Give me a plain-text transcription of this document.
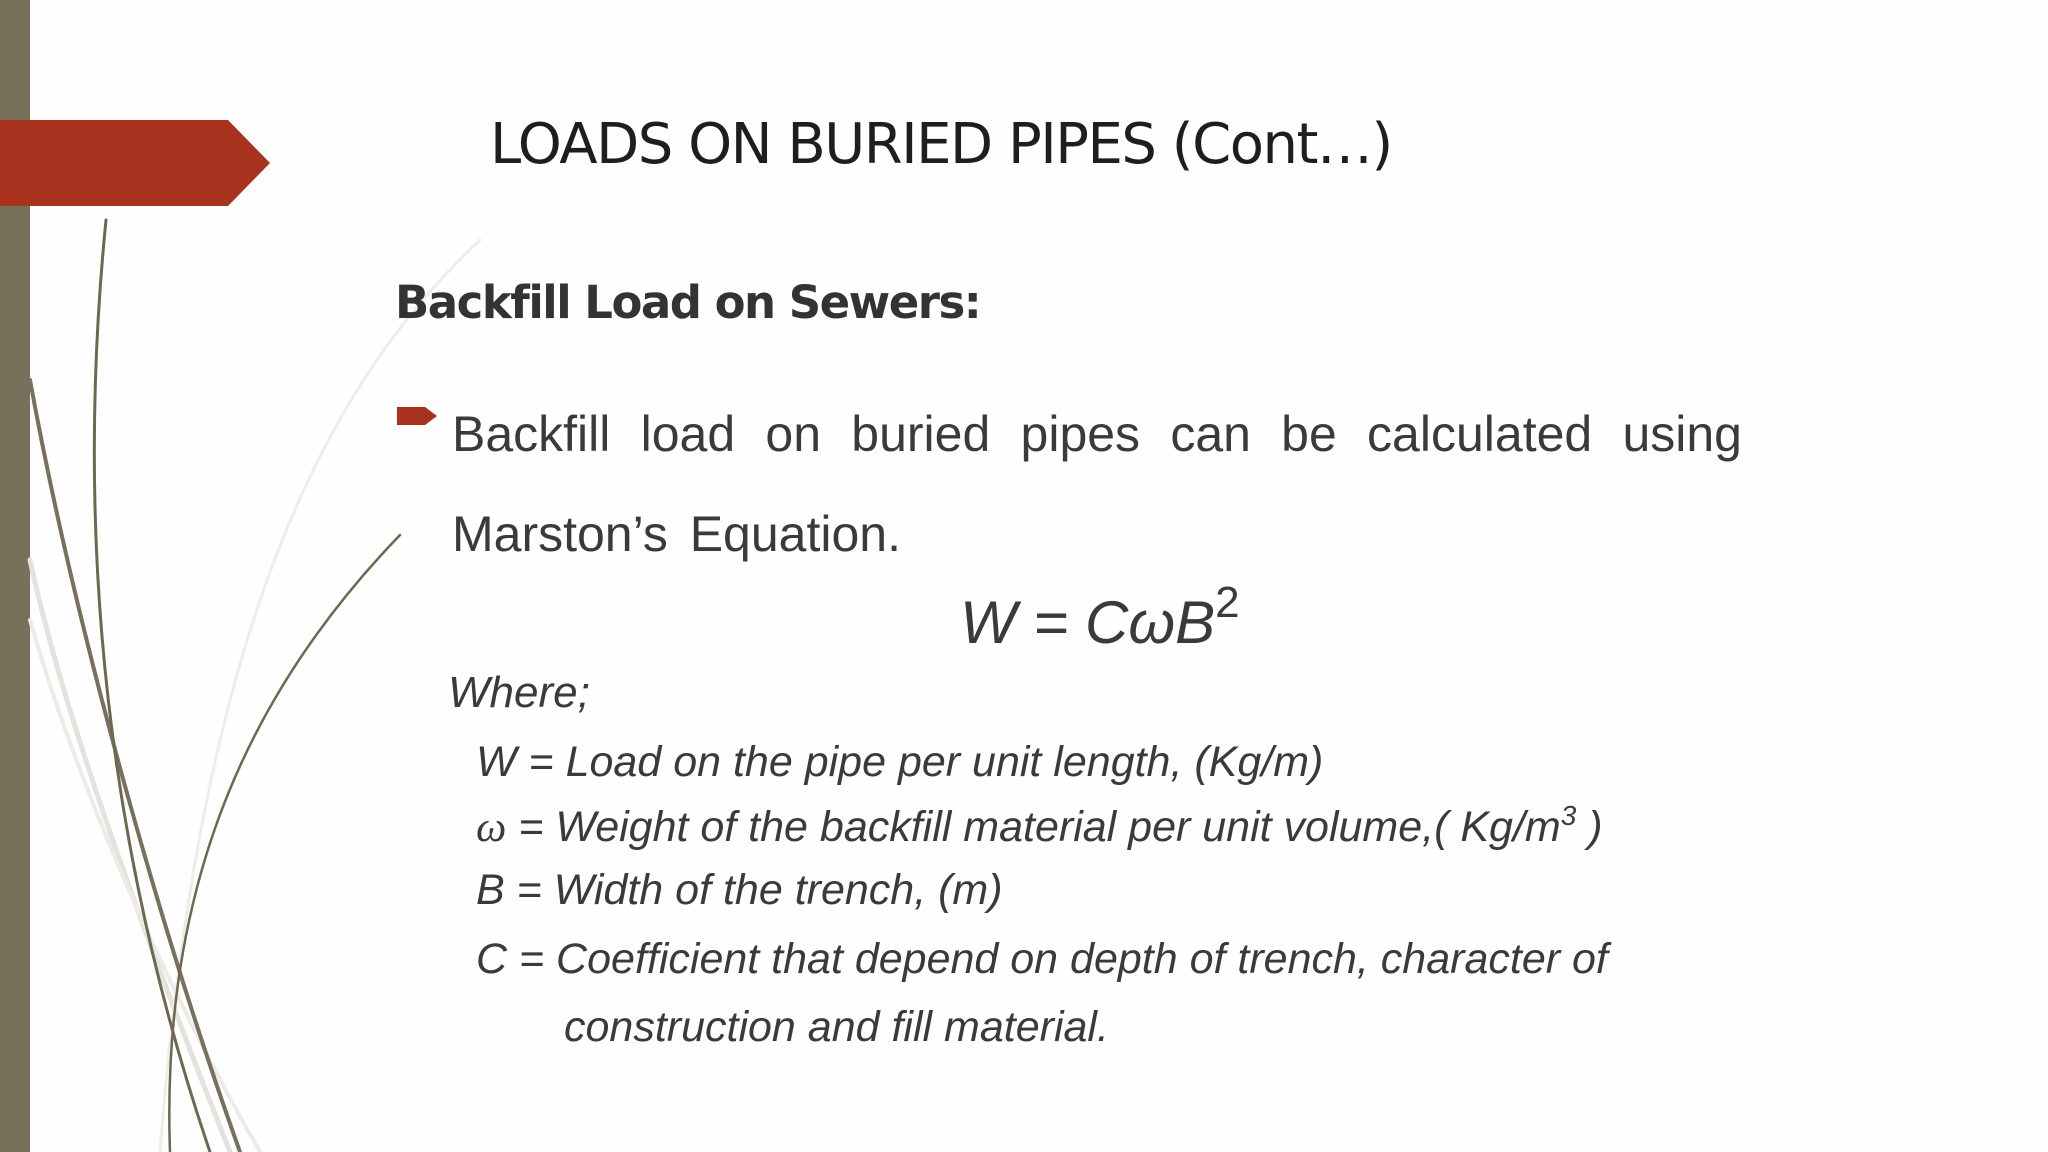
LOADS ON BURIED PIPES (Cont…)
Backfill Load on Sewers:
Backfill load on buried pipes can be calculated using Marston’s Equation.
W = CωB$^2$
Where;
W = Load on the pipe per unit length, (Kg/m)
ω = Weight of the backfill material per unit volume,( $Kg/m^3$ )
B = Width of the trench, (m)
C = Coefficient that depend on depth of trench, character of
construction and fill material.
